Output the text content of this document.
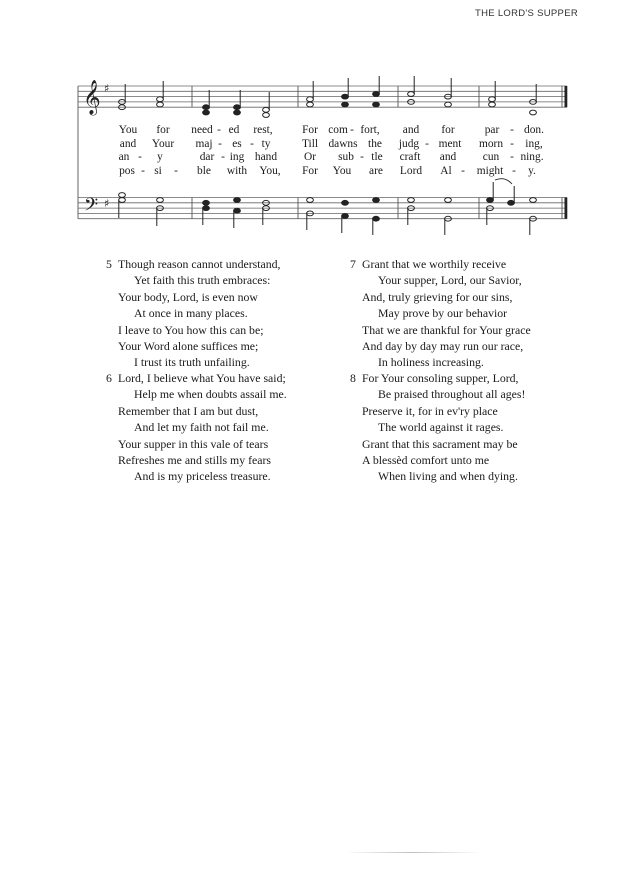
THE LORD'S SUPPER
𝄞 ♯
𝄢 ♯
You for need - ed rest,	For com - fort, and for	par - don.
and Your maj - es - ty	Till dawns the judg - ment morn - ing,
an - y	dar - ing hand Or sub - tle craft and cun - ning.
pos - si - ble with You, For You are Lord Al - might - y.
5 Though reason cannot understand,
Yet faith this truth embraces:
Your body, Lord, is even now
At once in many places.
I leave to You how this can be;
Your Word alone suffices me;
I trust its truth unfailing.
6 Lord, I believe what You have said;
Help me when doubts assail me.
Remember that I am but dust,
And let my faith not fail me.
Your supper in this vale of tears
Refreshes me and stills my fears
And is my priceless treasure.
7 Grant that we worthily receive
Your supper, Lord, our Savior,
And, truly grieving for our sins,
May prove by our behavior
That we are thankful for Your grace
And day by day may run our race,
In holiness increasing.
8 For Your consoling supper, Lord,
Be praised throughout all ages!
Preserve it, for in ev'ry place
The world against it rages.
Grant that this sacrament may be
A blessèd comfort unto me
When living and when dying.
